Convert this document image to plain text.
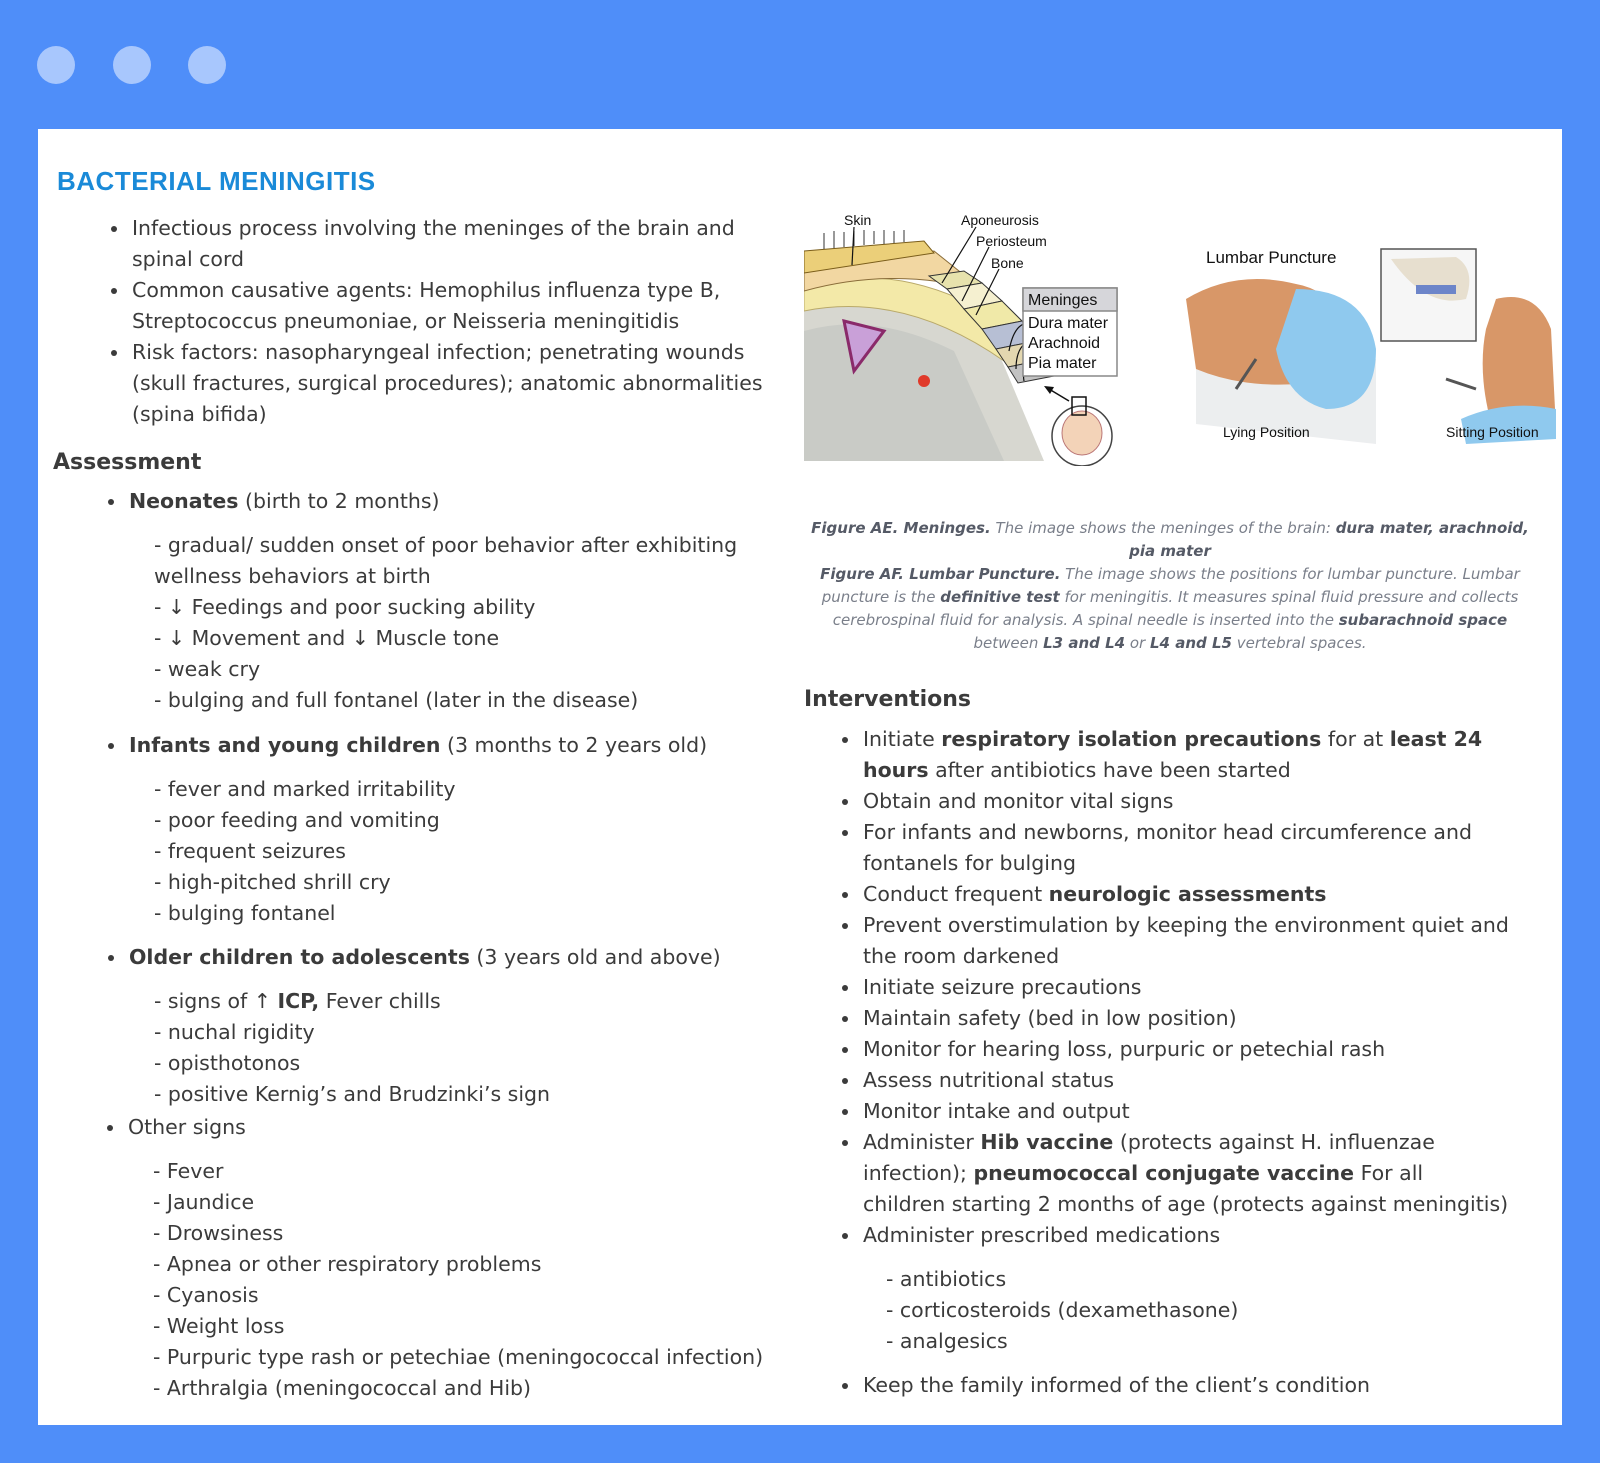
BACTERIAL MENINGITIS
• Infectious process involving the meninges of the brain and spinal cord
• Common causative agents: Hemophilus influenza type B, Streptococcus pneumoniae, or Neisseria meningitidis
• Risk factors: nasopharyngeal infection; penetrating wounds (skull fractures, surgical procedures); anatomic abnormalities (spina bifida)
Assessment
• Neonates (birth to 2 months)
- gradual/ sudden onset of poor behavior after exhibiting wellness behaviors at birth
- ↓ Feedings and poor sucking ability
- ↓ Movement and ↓ Muscle tone
- weak cry
- bulging and full fontanel (later in the disease)
• Infants and young children (3 months to 2 years old)
- fever and marked irritability
- poor feeding and vomiting
- frequent seizures
- high-pitched shrill cry
- bulging fontanel
• Older children to adolescents (3 years old and above)
- signs of ↑ ICP, Fever chills
- nuchal rigidity
- opisthotonos
- positive Kernig’s and Brudzinki’s sign
• Other signs
- Fever
- Jaundice
- Drowsiness
- Apnea or other respiratory problems
- Cyanosis
- Weight loss
- Purpuric type rash or petechiae (meningococcal infection)
- Arthralgia (meningococcal and Hib)
Skin	Aponeurosis
Periosteum
Bone
Meninges
Dura mater
Arachnoid
Pia mater
Lumbar Puncture
Lying Position	Sitting Position
Figure AE. Meninges. The image shows the meninges of the brain: dura mater, arachnoid, pia mater
Figure AF. Lumbar Puncture. The image shows the positions for lumbar puncture. Lumbar puncture is the definitive test for meningitis. It measures spinal fluid pressure and collects cerebrospinal fluid for analysis. A spinal needle is inserted into the subarachnoid space between L3 and L4 or L4 and L5 vertebral spaces.
Interventions
• Initiate respiratory isolation precautions for at least 24 hours after antibiotics have been started
• Obtain and monitor vital signs
• For infants and newborns, monitor head circumference and fontanels for bulging
• Conduct frequent neurologic assessments
• Prevent overstimulation by keeping the environment quiet and the room darkened
• Initiate seizure precautions
• Maintain safety (bed in low position)
• Monitor for hearing loss, purpuric or petechial rash
• Assess nutritional status
• Monitor intake and output
• Administer Hib vaccine (protects against H. influenzae infection); pneumococcal conjugate vaccine For all children starting 2 months of age (protects against meningitis)
• Administer prescribed medications
- antibiotics
- corticosteroids (dexamethasone)
- analgesics
• Keep the family informed of the client’s condition
